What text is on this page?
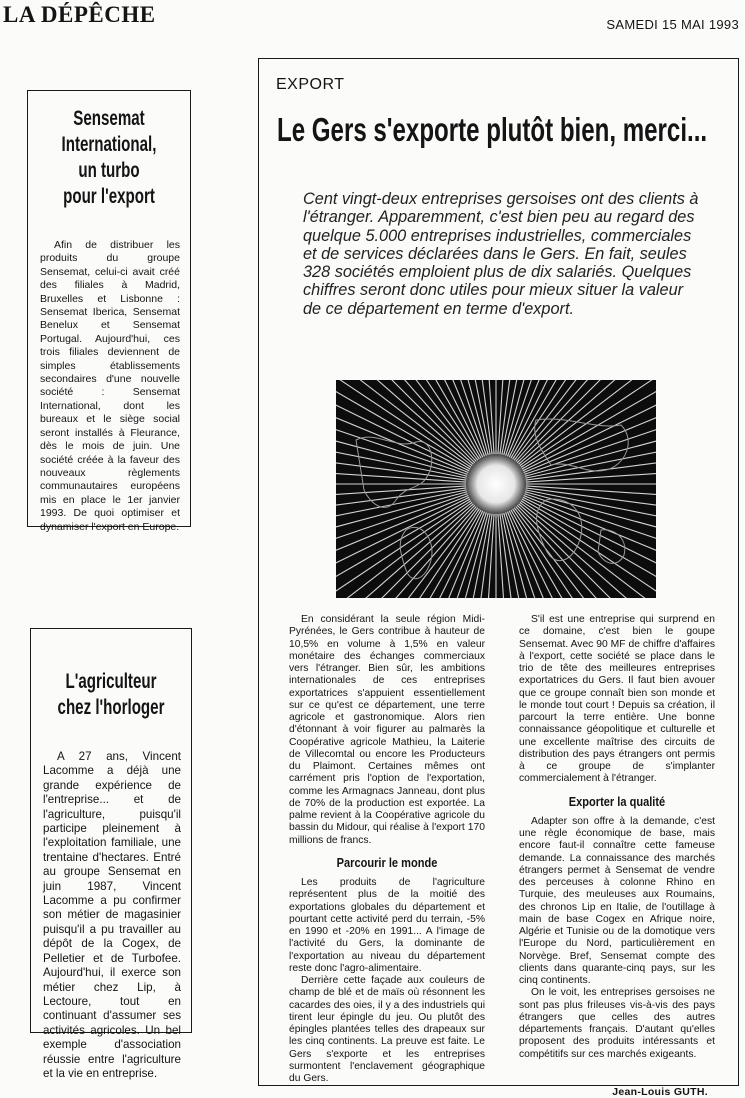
LA DÉPÊCHE	SAMEDI 15 MAI 1993
Sensemat
International,
un turbo
pour l'export

Afin de distribuer les produits du groupe Sensemat, celui-ci avait créé des filiales à Madrid, Bruxelles et Lisbonne : Sensemat Iberica, Sensemat Benelux et Sensemat Portugal. Aujourd'hui, ces trois filiales deviennent de simples établissements secondaires d'une nouvelle société : Sensemat International, dont les bureaux et le siège social seront installés à Fleurance, dès le mois de juin. Une société créée à la faveur des nouveaux règlements communautaires européens mis en place le 1er janvier 1993. De quoi optimiser et dynamiser l'export en Europe.

L'agriculteur
chez l'horloger

A 27 ans, Vincent Lacomme a déjà une grande expérience de l'entreprise... et de l'agriculture, puisqu'il participe pleinement à l'exploitation familiale, une trentaine d'hectares. Entré au groupe Sensemat en juin 1987, Vincent Lacomme a pu confirmer son métier de magasinier puisqu'il a pu travailler au dépôt de la Cogex, de Pelletier et de Turbofee. Aujourd'hui, il exerce son métier chez Lip, à Lectoure, tout en continuant d'assumer ses activités agricoles. Un bel exemple d'association réussie entre l'agriculture et la vie en entreprise.

EXPORT
Le Gers s'exporte plutôt bien, merci...

Cent vingt-deux entreprises gersoises ont des clients à l'étranger. Apparemment, c'est bien peu au regard des quelque 5.000 entreprises industrielles, commerciales et de services déclarées dans le Gers. En fait, seules 328 sociétés emploient plus de dix salariés. Quelques chiffres seront donc utiles pour mieux situer la valeur de ce département en terme d'export.

En considérant la seule région Midi-Pyrénées, le Gers contribue à hauteur de 10,5% en volume à 1,5% en valeur monétaire des échanges commerciaux vers l'étranger. Bien sûr, les ambitions internationales de ces entreprises exportatrices s'appuient essentiellement sur ce qu'est ce département, une terre agricole et gastronomique. Alors rien d'étonnant à voir figurer au palmarès la Coopérative agricole Mathieu, la Laiterie de Villecomtal ou encore les Producteurs du Plaimont. Certaines mêmes ont carrément pris l'option de l'exportation, comme les Armagnacs Janneau, dont plus de 70% de la production est exportée. La palme revient à la Coopérative agricole du bassin du Midour, qui réalise à l'export 170 millions de francs.

Parcourir le monde

Les produits de l'agriculture représentent plus de la moitié des exportations globales du département et pourtant cette activité perd du terrain, -5% en 1990 et -20% en 1991... A l'image de l'activité du Gers, la dominante de l'exportation au niveau du département reste donc l'agro-alimentaire.

Derrière cette façade aux couleurs de champ de blé et de maïs où résonnent les cacardes des oies, il y a des industriels qui tirent leur épingle du jeu. Ou plutôt des épingles plantées telles des drapeaux sur les cinq continents. La preuve est faite. Le Gers s'exporte et les entreprises surmontent l'enclavement géographique du Gers.

S'il est une entreprise qui surprend en ce domaine, c'est bien le goupe Sensemat. Avec 90 MF de chiffre d'affaires à l'export, cette société se place dans le trio de tête des meilleures entreprises exportatrices du Gers. Il faut bien avouer que ce groupe connaît bien son monde et le monde tout court ! Depuis sa création, il parcourt la terre entière. Une bonne connaissance géopolitique et culturelle et une excellente maîtrise des circuits de distribution des pays étrangers ont permis à ce groupe de s'implanter commercialement à l'étranger.

Exporter la qualité

Adapter son offre à la demande, c'est une règle économique de base, mais encore faut-il connaître cette fameuse demande. La connaissance des marchés étrangers permet à Sensemat de vendre des perceuses à colonne Rhino en Turquie, des meuleuses aux Roumains, des chronos Lip en Italie, de l'outillage à main de base Cogex en Afrique noire, Algérie et Tunisie ou de la domotique vers l'Europe du Nord, particulièrement en Norvège. Bref, Sensemat compte des clients dans quarante-cinq pays, sur les cinq continents.

On le voit, les entreprises gersoises ne sont pas plus frileuses vis-à-vis des pays étrangers que celles des autres départements français. D'autant qu'elles proposent des produits intéressants et compétitifs sur ces marchés exigeants.

Jean-Louis GUTH.
